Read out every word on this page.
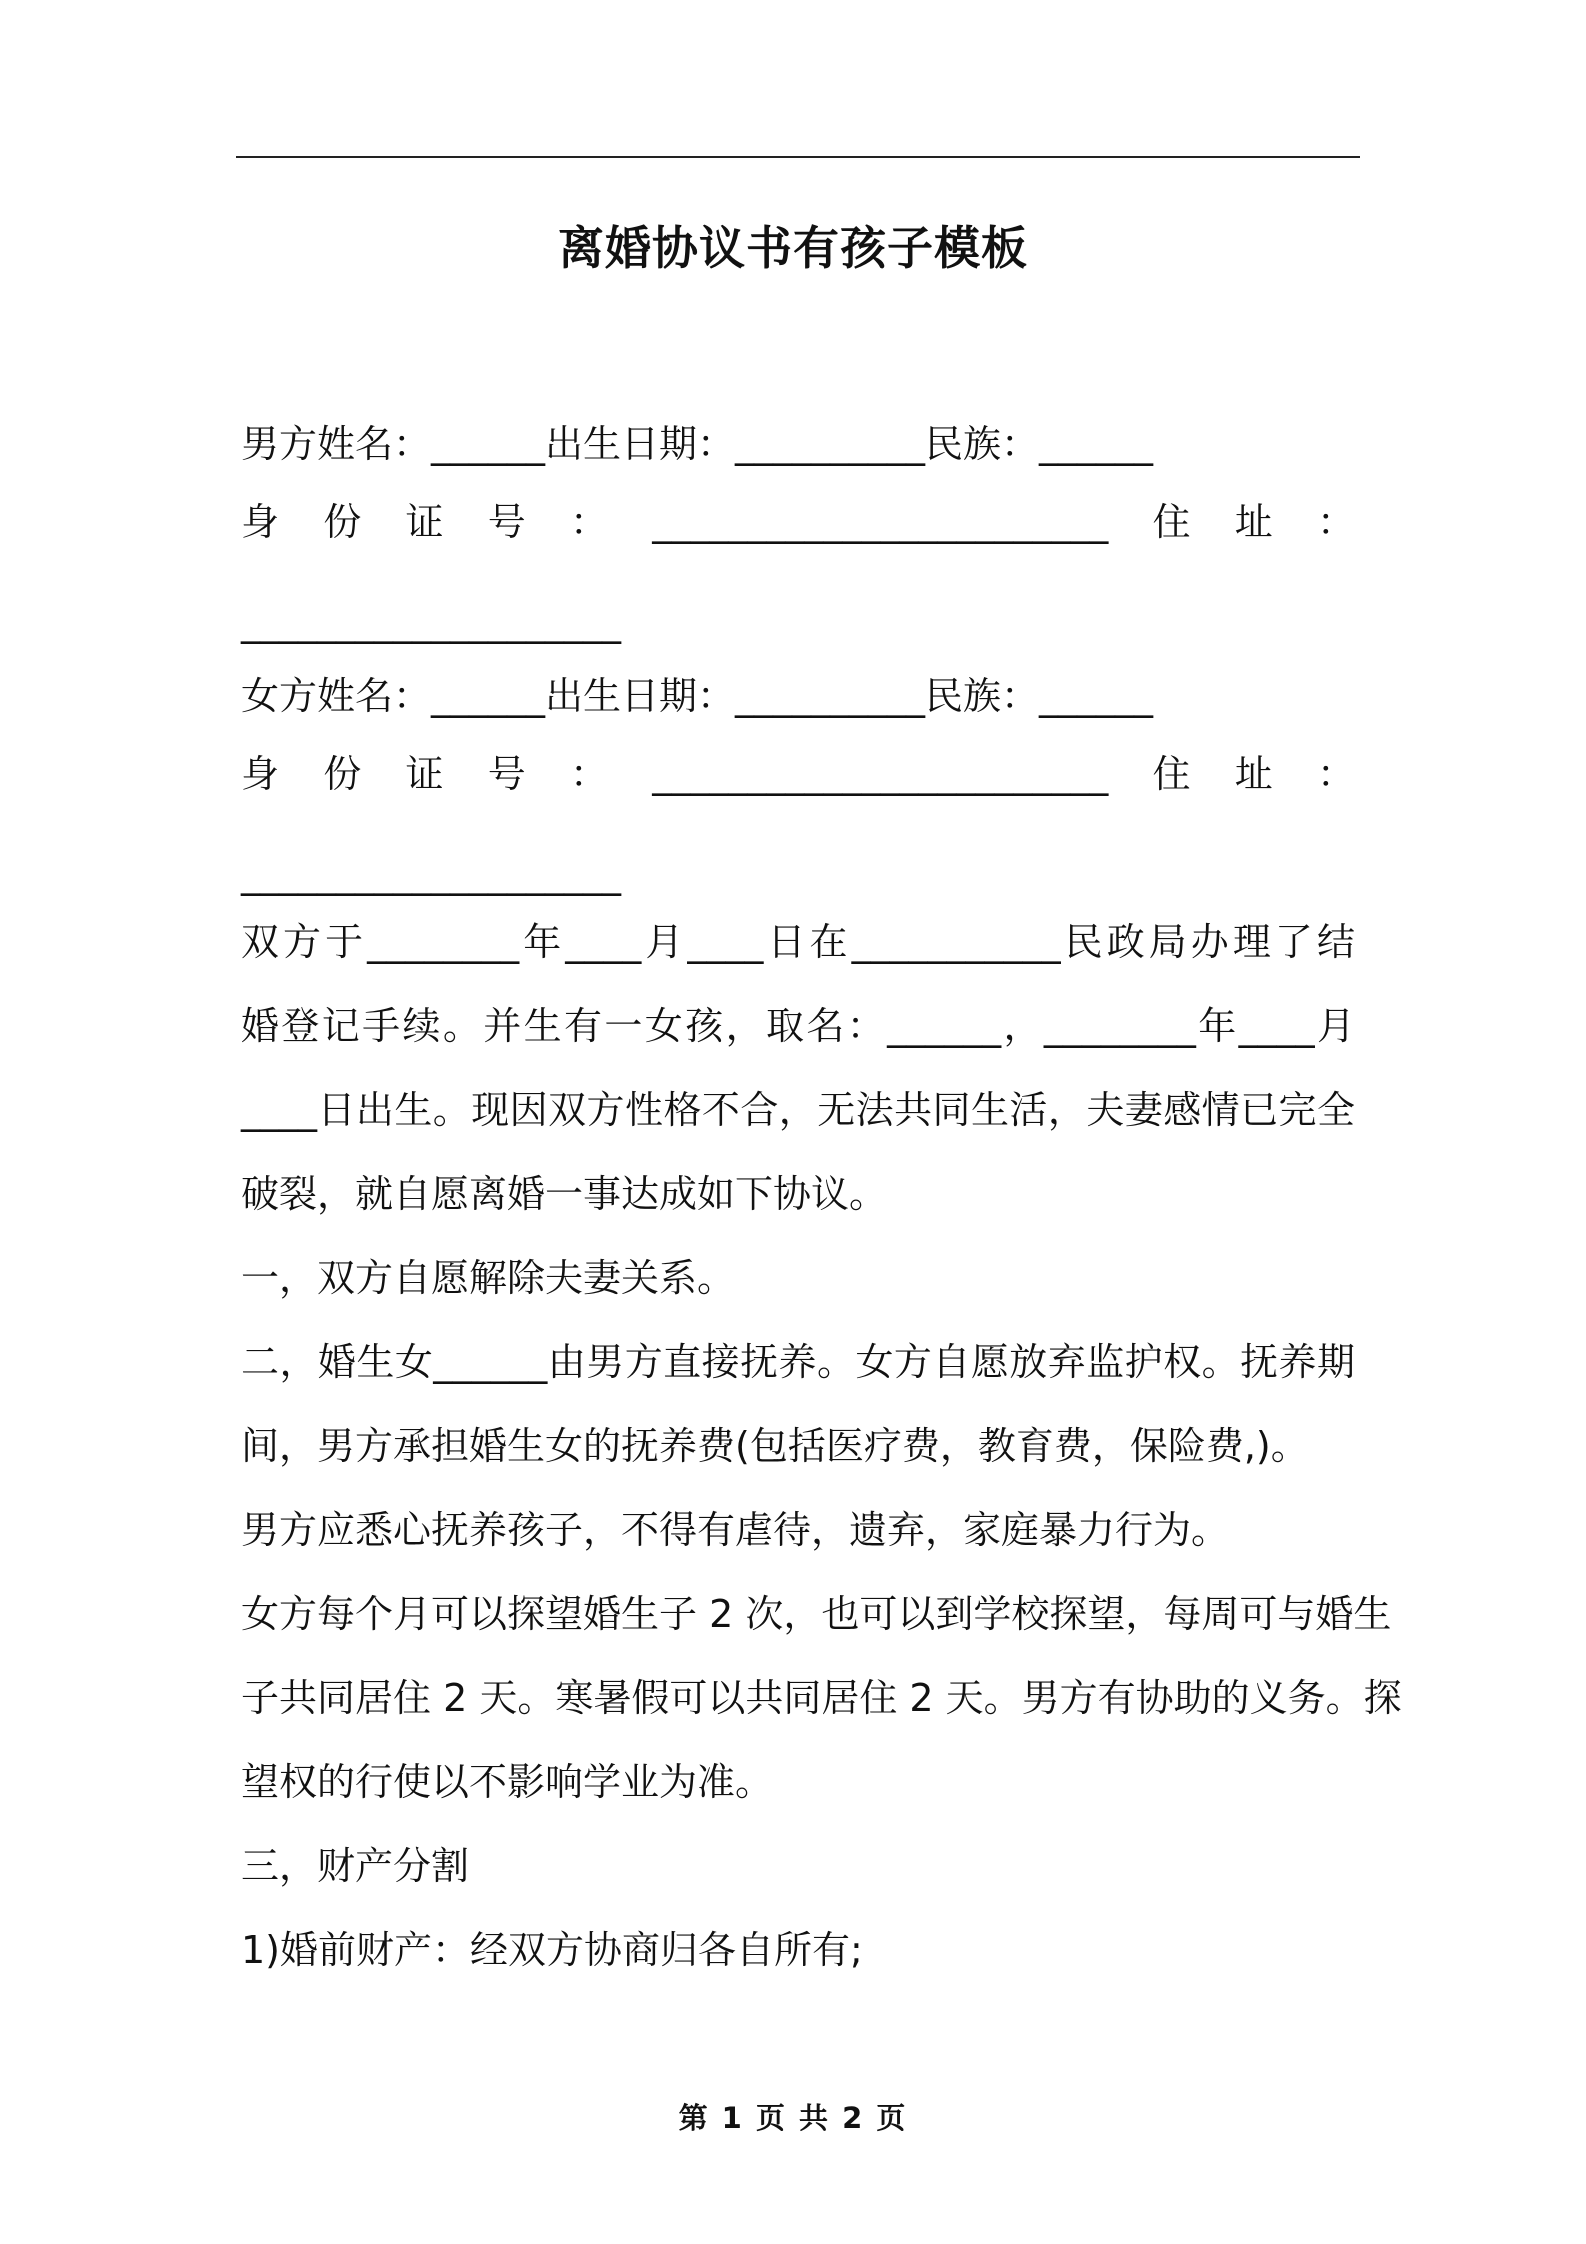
离婚协议书有孩子模板
男方姓名：______出生日期：__________民族：______
身 份 证 号 ： ________________________ 住 址 ：
____________________
女方姓名：______出生日期：__________民族：______
身 份 证 号 ： ________________________ 住 址 ：
____________________
双方于________年____月____日在___________民政局办理了结
婚登记手续。并生有一女孩，取名：______，________年____月
____日出生。现因双方性格不合，无法共同生活，夫妻感情已完全
破裂，就自愿离婚一事达成如下协议。
一，双方自愿解除夫妻关系。
二，婚生女______由男方直接抚养。女方自愿放弃监护权。抚养期
间，男方承担婚生女的抚养费(包括医疗费，教育费，保险费,)。
男方应悉心抚养孩子，不得有虐待，遗弃，家庭暴力行为。
女方每个月可以探望婚生子 2 次，也可以到学校探望，每周可与婚生
子共同居住 2 天。寒暑假可以共同居住 2 天。男方有协助的义务。探
望权的行使以不影响学业为准。
三，财产分割
1)婚前财产：经双方协商归各自所有;
第 1 页 共 2 页
